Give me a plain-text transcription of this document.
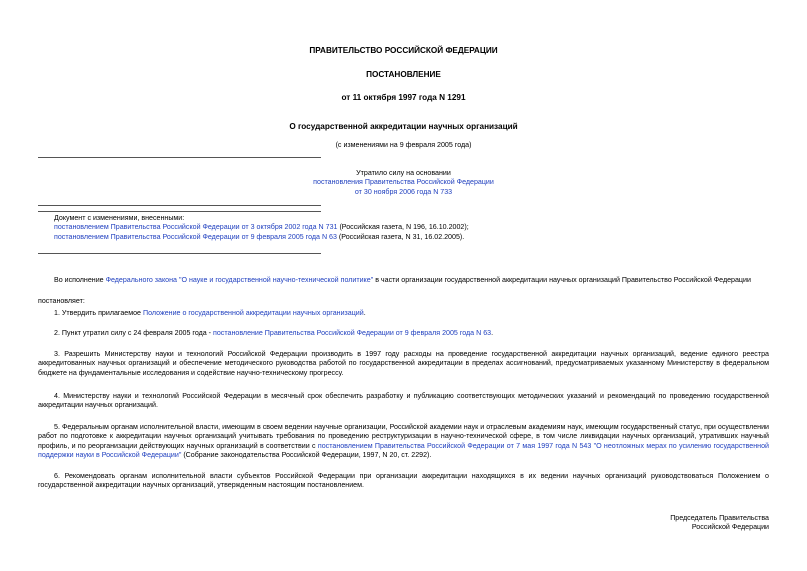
ПРАВИТЕЛЬСТВО РОССИЙСКОЙ ФЕДЕРАЦИИ
ПОСТАНОВЛЕНИЕ
от 11 октября 1997 года N 1291
О государственной аккредитации научных организаций
(с изменениями на 9 февраля 2005 года)
Утратило силу на основании
постановления Правительства Российской Федерации
от 30 ноября 2006 года N 733
Документ с изменениями, внесенными:
постановлением Правительства Российской Федерации от 3 октября 2002 года N 731 (Российская газета, N 196, 16.10.2002);
постановлением Правительства Российской Федерации от 9 февраля 2005 года N 63 (Российская газета, N 31, 16.02.2005).
Во исполнение Федерального закона "О науке и государственной научно-технической политике" в части организации государственной аккредитации научных организаций Правительство Российской Федерации
постановляет:
1. Утвердить прилагаемое Положение о государственной аккредитации научных организаций.
2. Пункт утратил силу с 24 февраля 2005 года - постановление Правительства Российской Федерации от 9 февраля 2005 года N 63.
3. Разрешить Министерству науки и технологий Российской Федерации производить в 1997 году расходы на проведение государственной аккредитации научных организаций, ведение единого реестра аккредитованных научных организаций и обеспечение методического руководства работой по государственной аккредитации в пределах ассигнований, предусматриваемых указанному Министерству в федеральном бюджете на фундаментальные исследования и содействие научно-техническому прогрессу.
4. Министерству науки и технологий Российской Федерации в месячный срок обеспечить разработку и публикацию соответствующих методических указаний и рекомендаций по проведению государственной аккредитации научных организаций.
5. Федеральным органам исполнительной власти, имеющим в своем ведении научные организации, Российской академии наук и отраслевым академиям наук, имеющим государственный статус, при осуществлении работ по подготовке к аккредитации научных организаций учитывать требования по проведению реструктуризации в научно-технической сфере, в том числе ликвидации научных организаций, утративших научный профиль, и по реорганизации действующих научных организаций в соответствии с постановлением Правительства Российской Федерации от 7 мая 1997 года N 543 "О неотложных мерах по усилению государственной поддержки науки в Российской Федерации" (Собрание законодательства Российской Федерации, 1997, N 20, ст. 2292).
6. Рекомендовать органам исполнительной власти субъектов Российской Федерации при организации аккредитации находящихся в их ведении научных организаций руководствоваться Положением о государственной аккредитации научных организаций, утвержденным настоящим постановлением.
Председатель Правительства
Российской Федерации
